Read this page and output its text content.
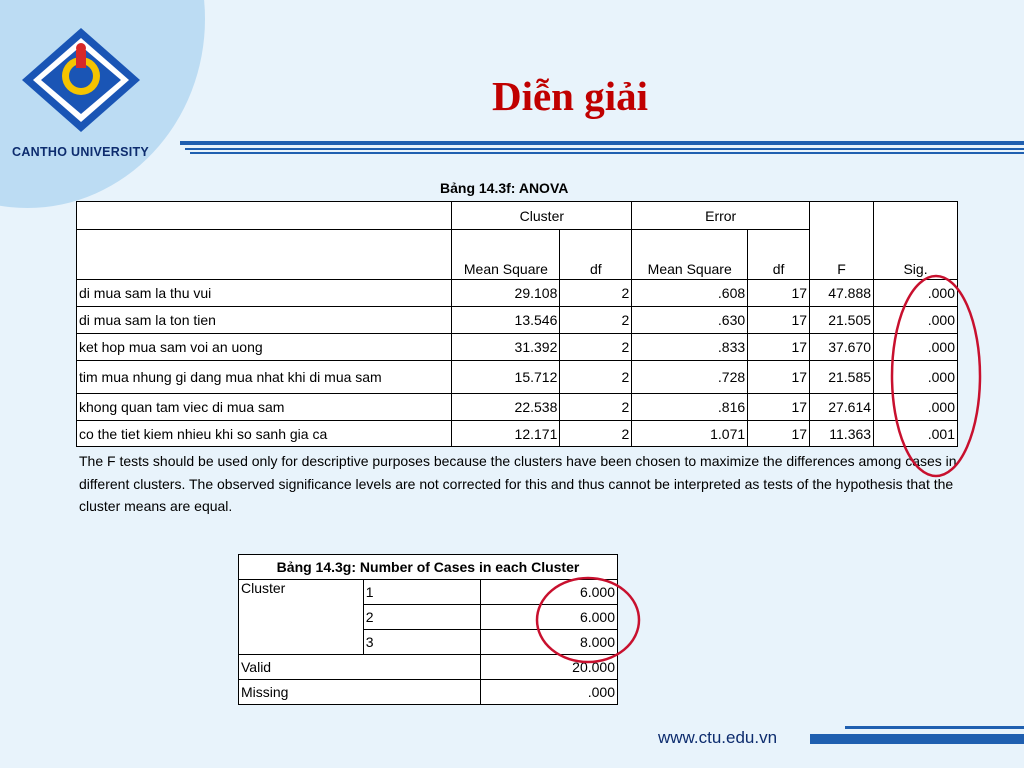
CANTHO UNIVERSITY
Diễn giải
Bảng 14.3f: ANOVA
	Cluster		Error		F	Sig.
	Mean Square	df	Mean Square	df		
di mua sam la thu vui	29.108	2	.608	17	47.888	.000
di mua sam la ton tien	13.546	2	.630	17	21.505	.000
ket hop mua sam voi an uong	31.392	2	.833	17	37.670	.000
tim mua nhung gi dang mua nhat khi di mua sam	15.712	2	.728	17	21.585	.000
khong quan tam viec di mua sam	22.538	2	.816	17	27.614	.000
co the tiet kiem nhieu khi so sanh gia ca	12.171	2	1.071	17	11.363	.001
The F tests should be used only for descriptive purposes because the clusters have been chosen to maximize the differences among cases in different clusters. The observed significance levels are not corrected for this and thus cannot be interpreted as tests of the hypothesis that the cluster means are equal.
Bảng 14.3g: Number of Cases in each Cluster		
Cluster	1	6.000
	2	6.000
	3	8.000
Valid		20.000
Missing		.000
www.ctu.edu.vn
